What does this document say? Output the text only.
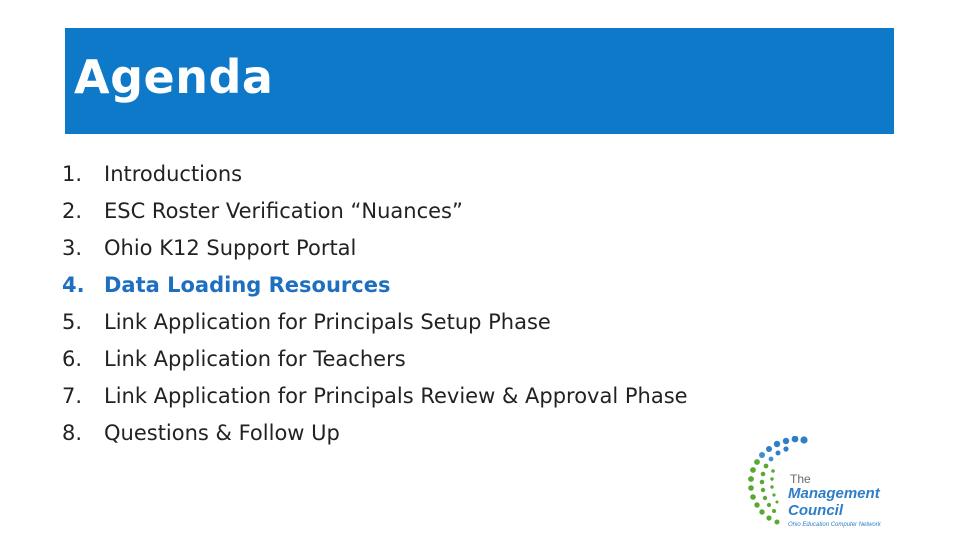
Agenda
1.	Introductions
2.	ESC Roster Verification “Nuances”
3.	Ohio K12 Support Portal
4. Data Loading Resources
5.	Link Application for Principals Setup Phase
6.	Link Application for Teachers
7.	Link Application for Principals Review & Approval Phase
8.	Questions & Follow Up
The
Management
Council
Ohio Education Computer Network
